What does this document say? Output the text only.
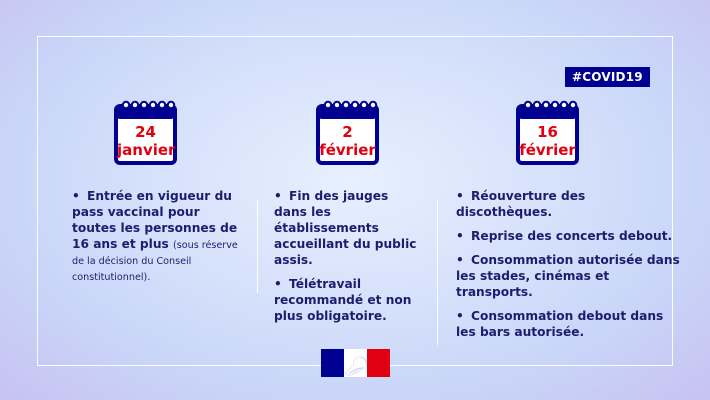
#COVID19
24
janvier
• Entrée en vigueur du pass vaccinal pour toutes les personnes de 16 ans et plus (sous réserve de la décision du Conseil constitutionnel).
2
février
• Fin des jauges dans les établissements accueillant du public assis.
• Télétravail recommandé et non plus obligatoire.
16
février
• Réouverture des discothèques.
• Reprise des concerts debout.
• Consommation autorisée dans les stades, cinémas et transports.
• Consommation debout dans les bars autorisée.
